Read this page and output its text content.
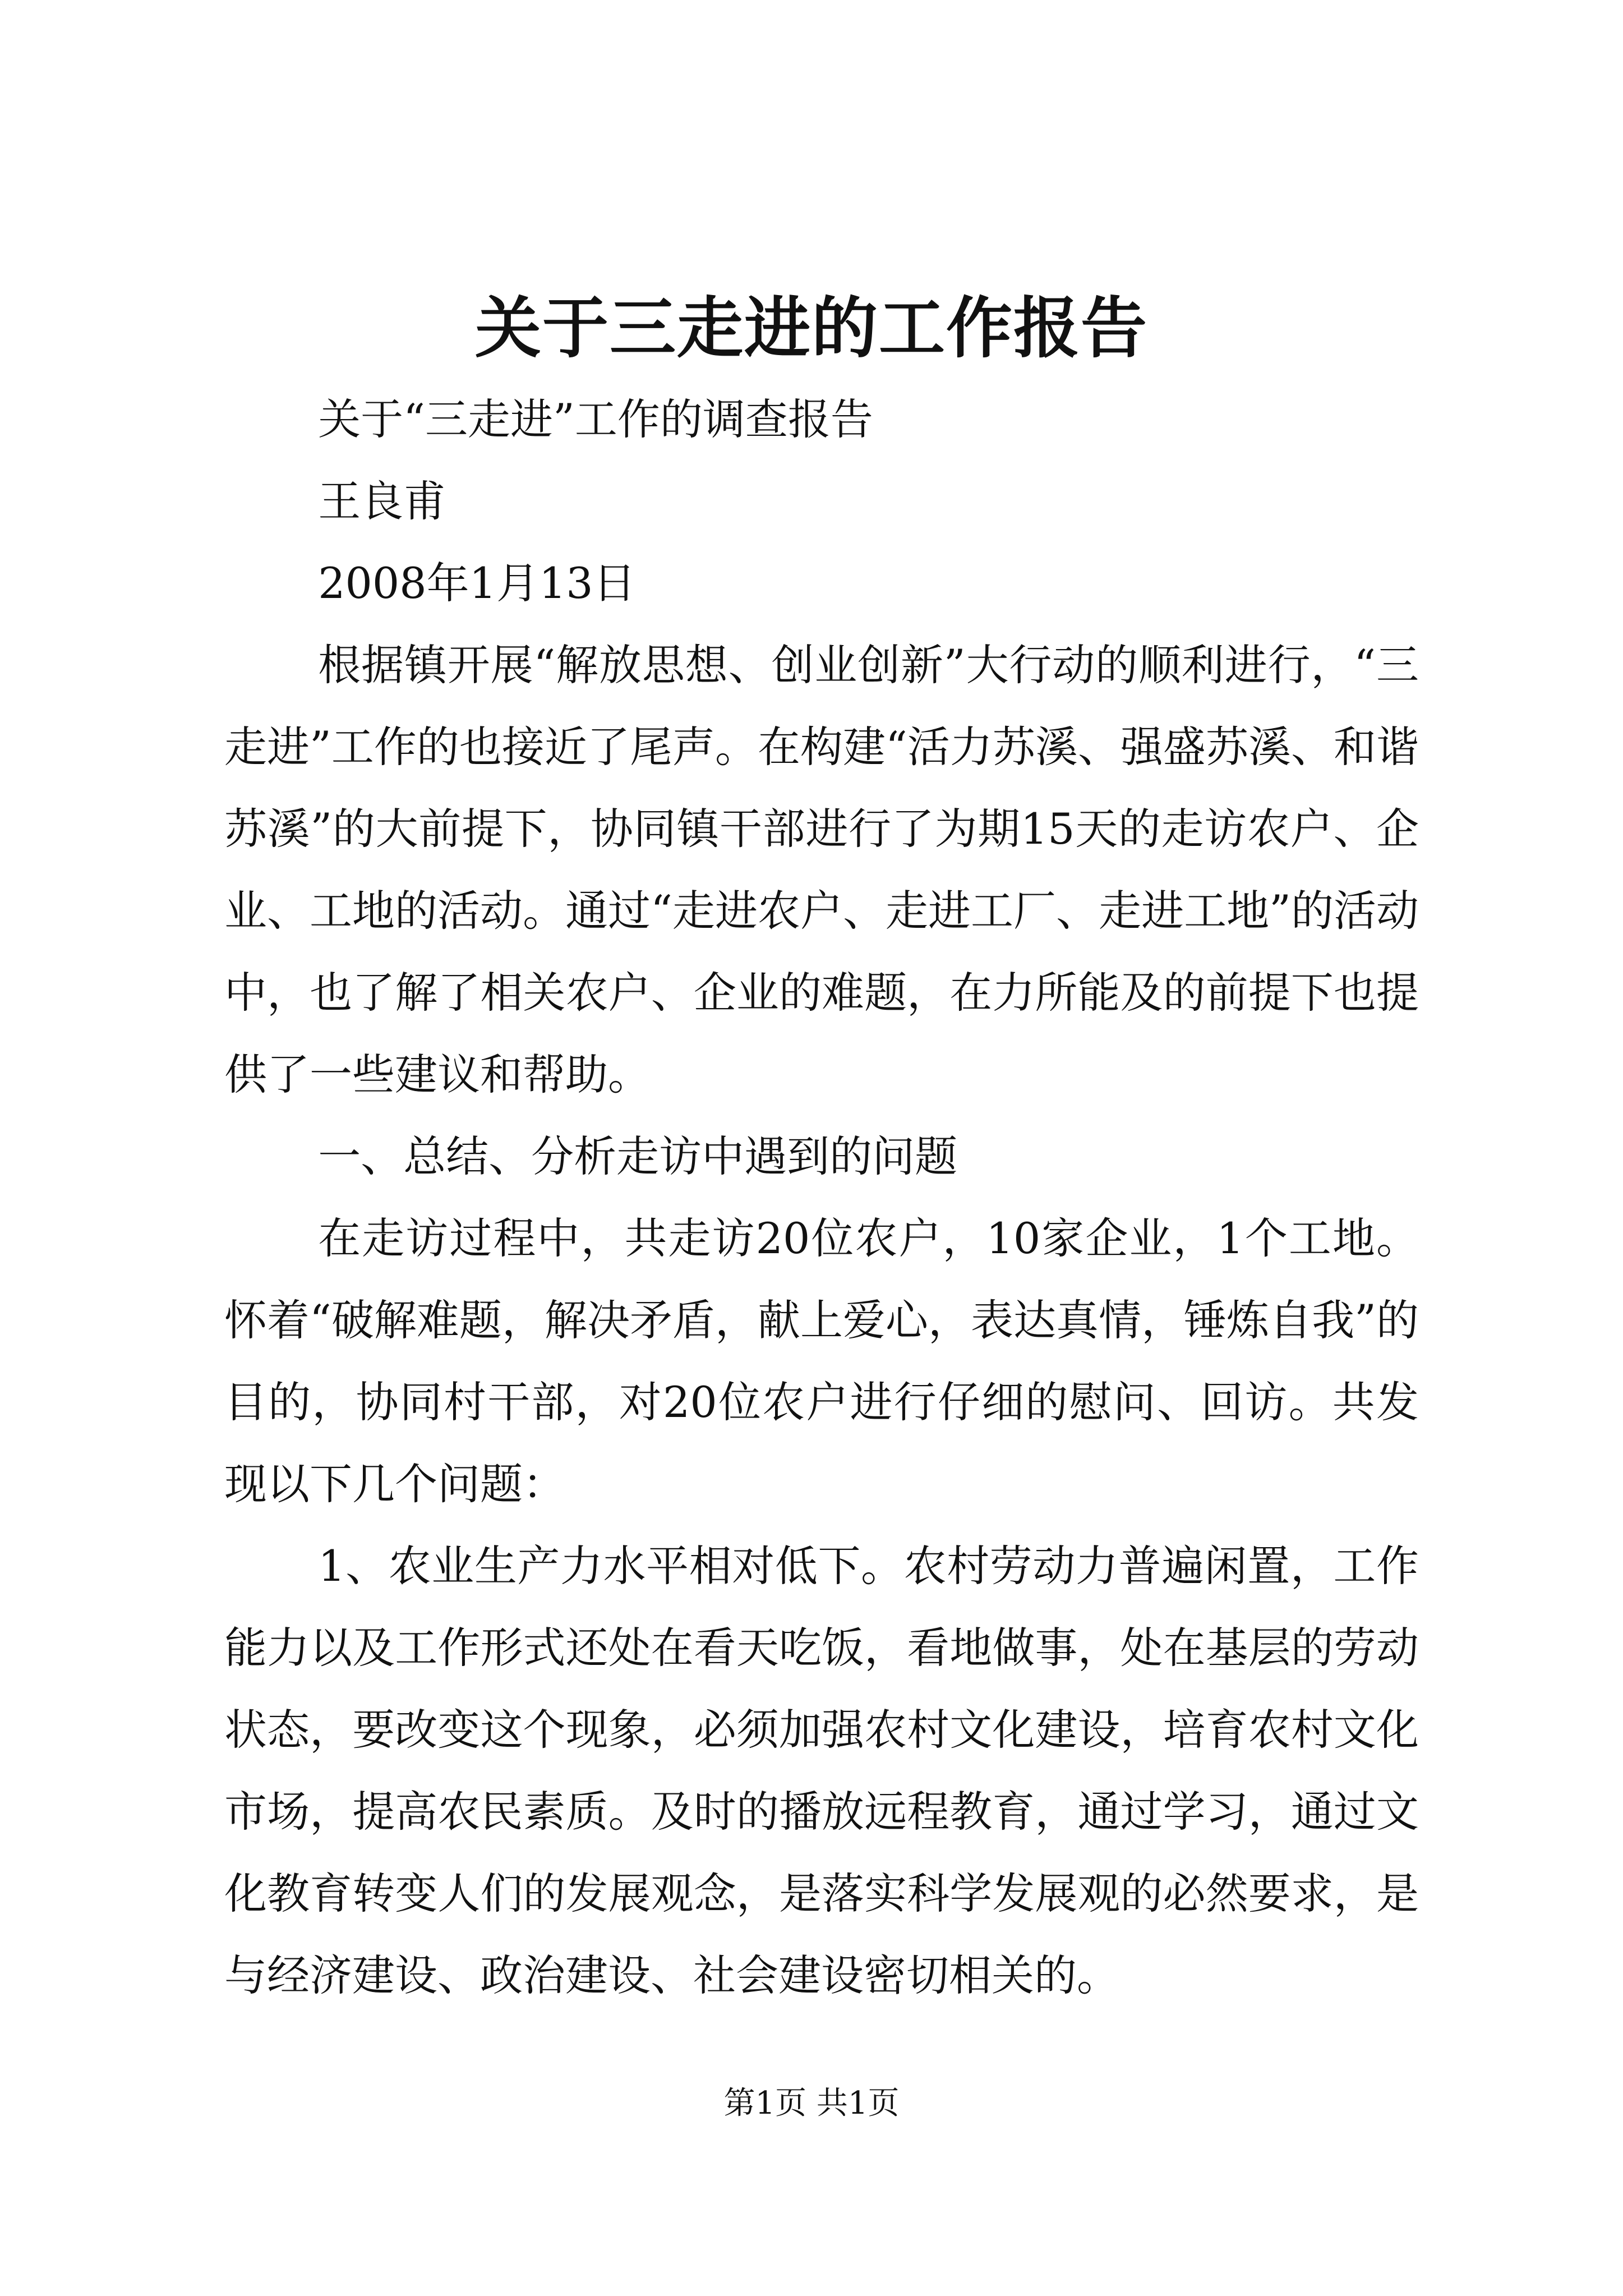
关于三走进的工作报告

关于“三走进”工作的调查报告

王良甫

2008年1月13日

根据镇开展“解放思想、创业创新”大行动的顺利进行，“三走进”工作的也接近了尾声。在构建“活力苏溪、强盛苏溪、和谐苏溪”的大前提下，协同镇干部进行了为期15天的走访农户、企业、工地的活动。通过“走进农户、走进工厂、走进工地”的活动中，也了解了相关农户、企业的难题，在力所能及的前提下也提供了一些建议和帮助。

一、总结、分析走访中遇到的问题

在走访过程中，共走访20位农户，10家企业，1个工地。怀着“破解难题，解决矛盾，献上爱心，表达真情，锤炼自我”的目的，协同村干部，对20位农户进行仔细的慰问、回访。共发现以下几个问题：

1、农业生产力水平相对低下。农村劳动力普遍闲置，工作能力以及工作形式还处在看天吃饭，看地做事，处在基层的劳动状态，要改变这个现象，必须加强农村文化建设，培育农村文化市场，提高农民素质。及时的播放远程教育，通过学习，通过文化教育转变人们的发展观念，是落实科学发展观的必然要求，是与经济建设、政治建设、社会建设密切相关的。

第1页 共1页
